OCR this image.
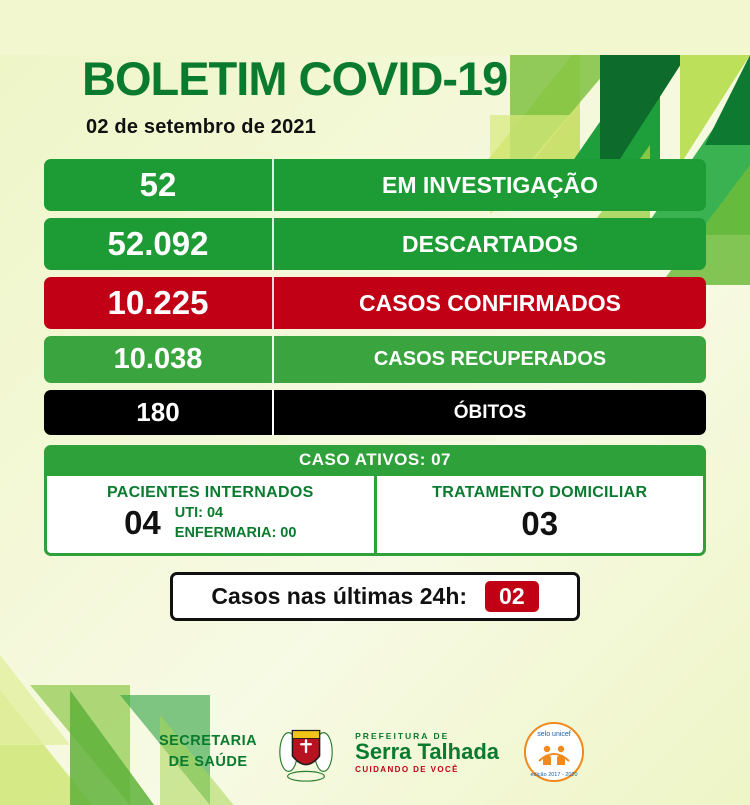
BOLETIM COVID-19
02 de setembro de 2021
52	EM INVESTIGAÇÃO
52.092	DESCARTADOS
10.225	CASOS CONFIRMADOS
10.038	CASOS RECUPERADOS
180	ÓBITOS
CASO ATIVOS: 07
PACIENTES INTERNADOS
04 UTI: 04
ENFERMARIA: 00
TRATAMENTO DOMICILIAR
03
Casos nas últimas 24h:	02
SECRETARIA
DE SAÚDE
PREFEITURA DE
Serra Talhada
CUIDANDO DE VOCÊ
selo unicef
edição 2017 - 2020
